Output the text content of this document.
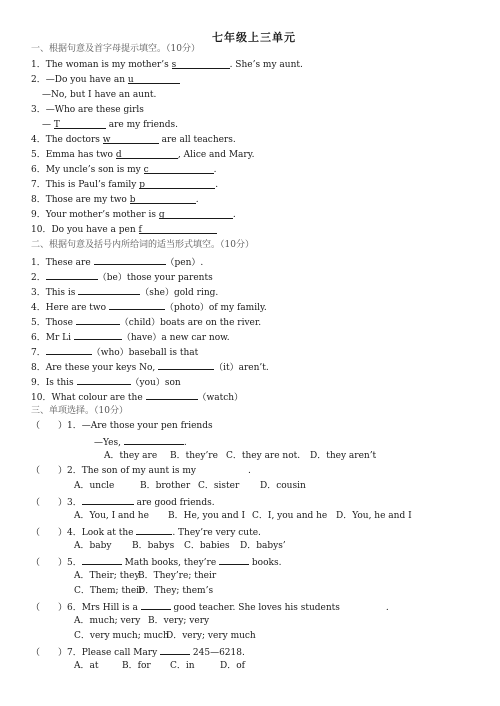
七年级上三单元
一、根据句意及首字母提示填空。（10分）
1．The woman is my mother’s s	. She’s my aunt.
2．—Do you have an u
—No, but I have an aunt.
3．—Who are these girls
— T	are my friends.
4．The doctors w	are all teachers.
5．Emma has two d	, Alice and Mary.
6．My uncle’s son is my c	.
7．This is Paul’s family p	.
8．Those are my two b	.
9．Your mother’s mother is g	.
10．Do you have a pen f
二、根据句意及括号内所给词的适当形式填空。（10分）
1．These are	（pen）.
2．	（be）those your parents
3．This is	（she）gold ring.
4．Here are two	（photo）of my family.
5．Those	（child）boats are on the river.
6．Mr Li	（have）a new car now.
7．	（who）baseball is that
8．Are these your keys No,	（it）aren’t.
9．Is this	（you）son
10．What colour are the	（watch）
三、单项选择。（10分）
（　　）1．—Are those your pen friends
—Yes,	.
A．they are B．they’re C．they are not. D．they aren’t
（　　）2．The son of my aunt is my	.
A．uncle	B．brother C．sister D．cousin
（　　）3．	are good friends.
A．You, I and he B．He, you and I C．I, you and he D．You, he and I
（　　）4．Look at the	. They’re very cute.
A．baby B．babys C．babies D．babys’
（　　）5．	Math books, they’re	books.
A．Their; theyB．They’re; their
C．Them; theirD．They; them’s
（　　）6．Mrs Hill is a	good teacher. She loves his students	.
A．much; very B．very; very
C．very much; muchD．very; very much
（　　）7．Please call Mary	245—6218.
A．at	B．for C．in	D．of
